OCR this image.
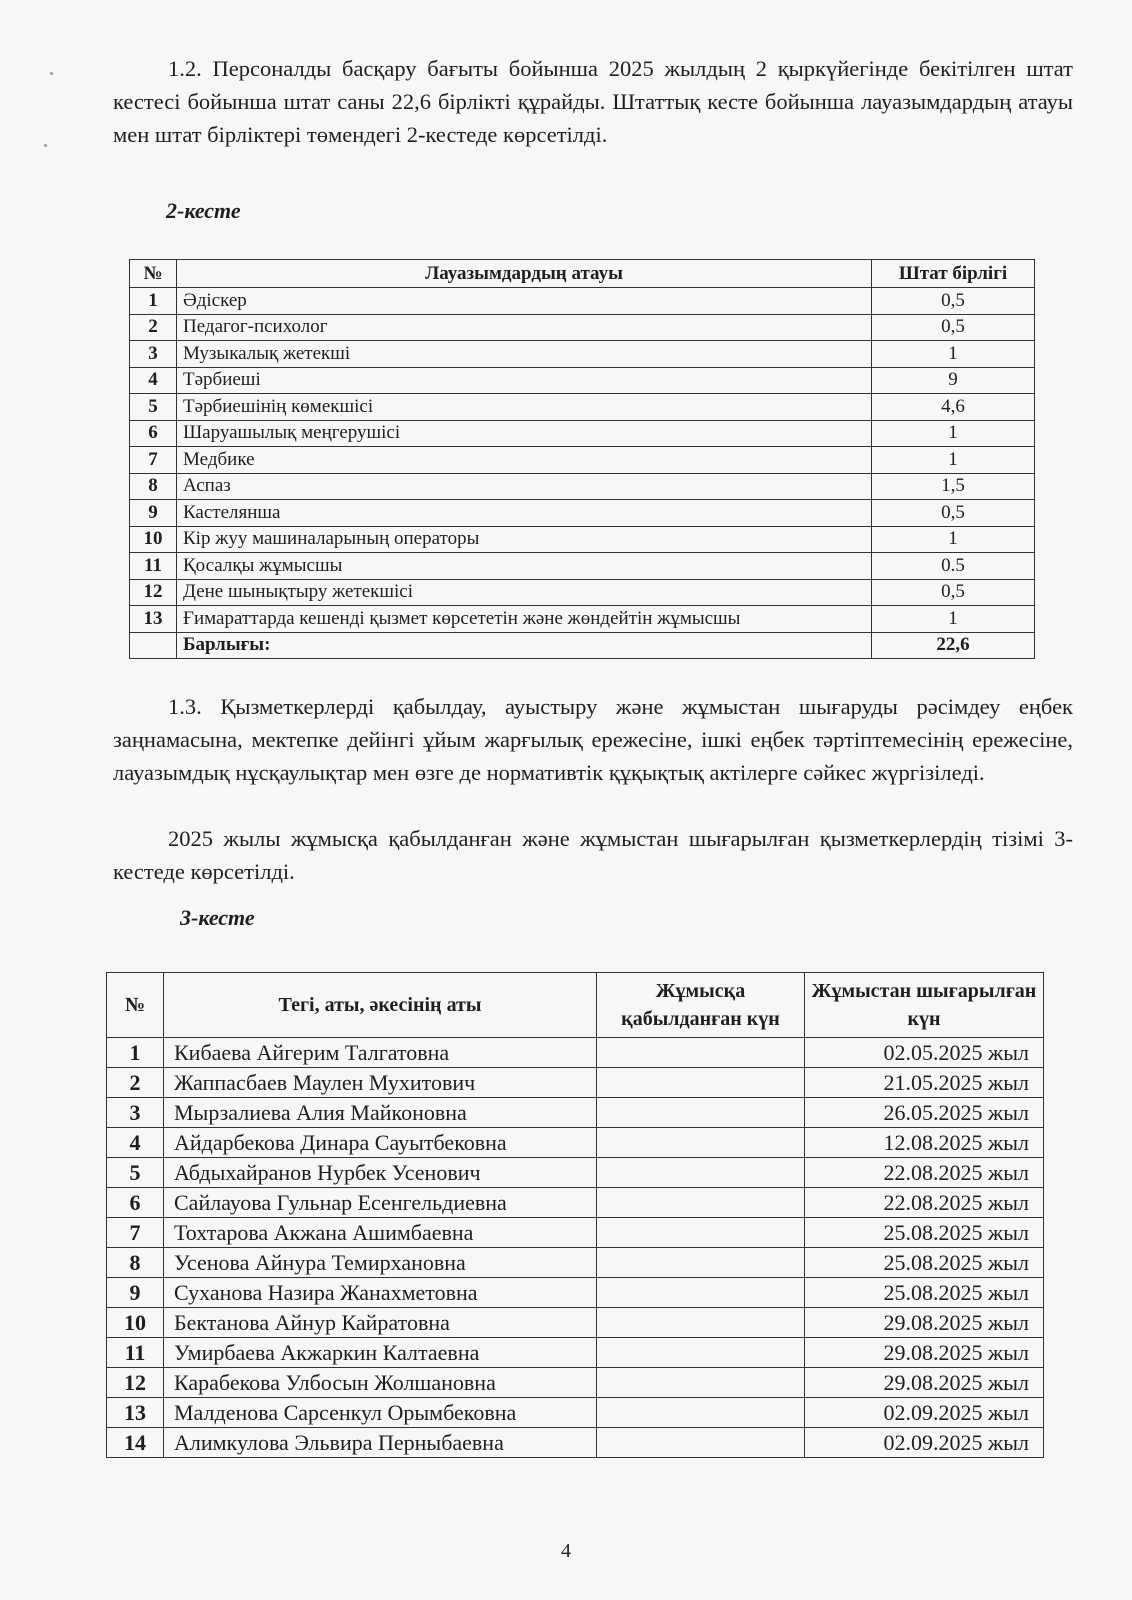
1.2. Персоналды басқару бағыты бойынша 2025 жылдың 2 қыркүйегінде бекітілген штат кестесі бойынша штат саны 22,6 бірлікті құрайды. Штаттық кесте бойынша лауазымдардың атауы мен штат бірліктері төмендегі 2-кестеде көрсетілді.

2-кесте
№	Лауазымдардың атауы	Штат бірлігі
1	Әдіскер	0,5
2	Педагог-психолог	0,5
3	Музыкалық жетекші	1
4	Тәрбиеші	9
5	Тәрбиешінің көмекшісі	4,6
6	Шаруашылық меңгерушісі	1
7	Медбике	1
8	Аспаз	1,5
9	Кастелянша	0,5
10	Кір жуу машиналарының операторы	1
11	Қосалқы жұмысшы	0.5
12	Дене шынықтыру жетекшісі	0,5
13	Ғимараттарда кешенді қызмет көрсететін және жөндейтін жұмысшы	1
	Барлығы:	22,6
1.3. Қызметкерлерді қабылдау, ауыстыру және жұмыстан шығаруды рәсімдеу еңбек заңнамасына, мектепке дейінгі ұйым жарғылық ережесіне, ішкі еңбек тәртіптемесінің ережесіне, лауазымдық нұсқаулықтар мен өзге де нормативтік құқықтық актілерге сәйкес жүргізіледі.
2025 жылы жұмысқа қабылданған және жұмыстан шығарылған қызметкерлердің тізімі 3-кестеде көрсетілді.
3-кесте
№	Тегі, аты, әкесінің аты	Жұмысқа қабылданған күн	Жұмыстан шығарылған күн
1	Кибаева Айгерим Талгатовна		02.05.2025 жыл
2	Жаппасбаев Маулен Мухитович		21.05.2025 жыл
3	Мырзалиева Алия Майконовна		26.05.2025 жыл
4	Айдарбекова Динара Сауытбековна		12.08.2025 жыл
5	Абдыхайранов Нурбек Усенович		22.08.2025 жыл
6	Сайлауова Гульнар Есенгельдиевна		22.08.2025 жыл
7	Тохтарова Акжана Ашимбаевна		25.08.2025 жыл
8	Усенова Айнура Темирхановна		25.08.2025 жыл
9	Суханова Назира Жанахметовна		25.08.2025 жыл
10	Бектанова Айнур Кайратовна		29.08.2025 жыл
11	Умирбаева Акжаркин Калтаевна		29.08.2025 жыл
12	Карабекова Улбосын Жолшановна		29.08.2025 жыл
13	Малденова Сарсенкул Орымбековна		02.09.2025 жыл
14	Алимкулова Эльвира Перныбаевна		02.09.2025 жыл
4
